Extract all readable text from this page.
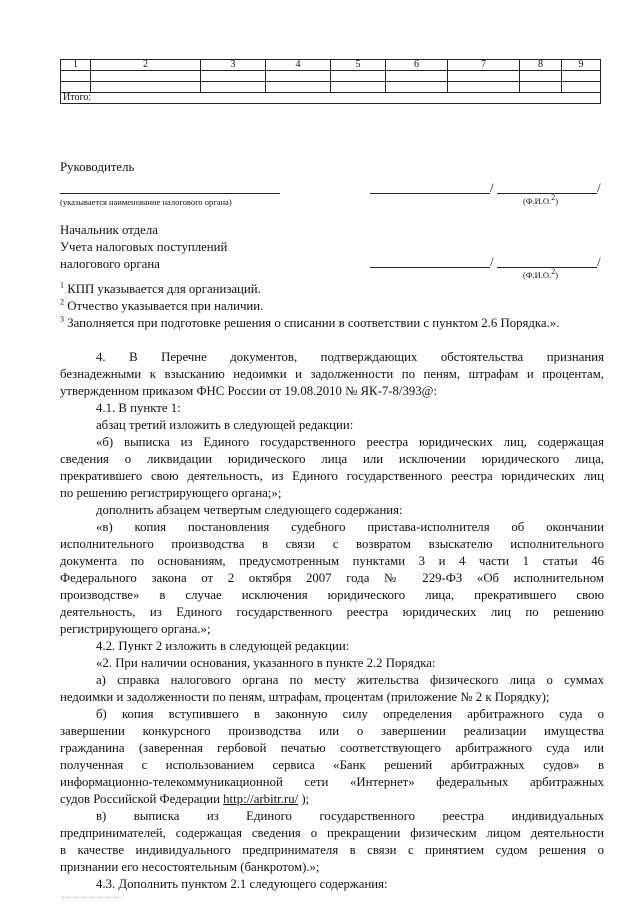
1	2	3	4	5	6	7	8	9

Итого:								
Руководитель
(указывается наименование налогового органа)
/	/
(Ф.И.О.$^2$)
Начальник отдела
Учета налоговых поступлений
налогового органа	/	/
(Ф.И.О.$^2$)
$^1$ КПП указывается для организаций.
$^2$ Отчество указывается при наличии.
$^3$ Заполняется при подготовке решения о списании в соответствии с пунктом 2.6 Порядка.».
4. В Перечне документов, подтверждающих обстоятельства признания
безнадежными к взысканию недоимки и задолженности по пеням, штрафам и процентам,
утвержденном приказом ФНС России от 19.08.2010 № ЯК-7-8/393@:
4.1. В пункте 1:
абзац третий изложить в следующей редакции:
«б) выписка из Единого государственного реестра юридических лиц, содержащая
сведения о ликвидации юридического лица или исключении юридического лица,
прекратившего свою деятельность, из Единого государственного реестра юридических лиц
по решению регистрирующего органа;»;
дополнить абзацем четвертым следующего содержания:
«в) копия постановления судебного пристава-исполнителя об окончании
исполнительного производства в связи с возвратом взыскателю исполнительного
документа по основаниям, предусмотренным пунктами 3 и 4 части 1 статьи 46
Федерального закона от 2 октября 2007 года № 229-ФЗ «Об исполнительном
производстве» в случае исключения юридического лица, прекратившего свою
деятельность, из Единого государственного реестра юридических лиц по решению
регистрирующего органа.»;
4.2. Пункт 2 изложить в следующей редакции:
«2. При наличии основания, указанного в пункте 2.2 Порядка:
а) справка налогового органа по месту жительства физического лица о суммах
недоимки и задолженности по пеням, штрафам, процентам (приложение № 2 к Порядку);
б) копия вступившего в законную силу определения арбитражного суда о
завершении конкурсного производства или о завершении реализации имущества
гражданина (заверенная гербовой печатью соответствующего арбитражного суда или
полученная с использованием сервиса «Банк решений арбитражных судов» в
информационно-телекоммуникационной сети «Интернет» федеральных арбитражных
судов Российской Федерации http://arbitr.ru/ );
в) выписка из Единого государственного реестра индивидуальных
предпринимателей, содержащая сведения о прекращении физическим лицом деятельности
в качестве индивидуального предпринимателя в связи с принятием судом решения о
признании его несостоятельным (банкротом).»;
4.3. Дополнить пунктом 2.1 следующего содержания:
